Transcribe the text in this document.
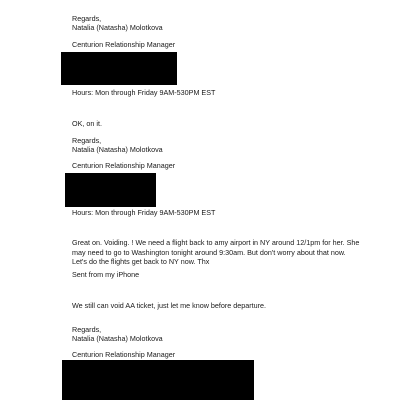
Regards,
Natalia (Natasha) Molotkova
Centurion Relationship Manager
Hours: Mon through Friday 9AM-530PM EST
OK, on it.
Regards,
Natalia (Natasha) Molotkova
Centurion Relationship Manager
Hours: Mon through Friday 9AM-530PM EST
Great on. Voiding. ! We need a flight back to amy airport in NY around 12/1pm for her. She may need to go to Washington tonight around 9:30am. But don't worry about that now. Let's do the flights get back to NY now. Thx
Sent from my iPhone
We still can void AA ticket, just let me know before departure.
Regards,
Natalia (Natasha) Molotkova
Centurion Relationship Manager
